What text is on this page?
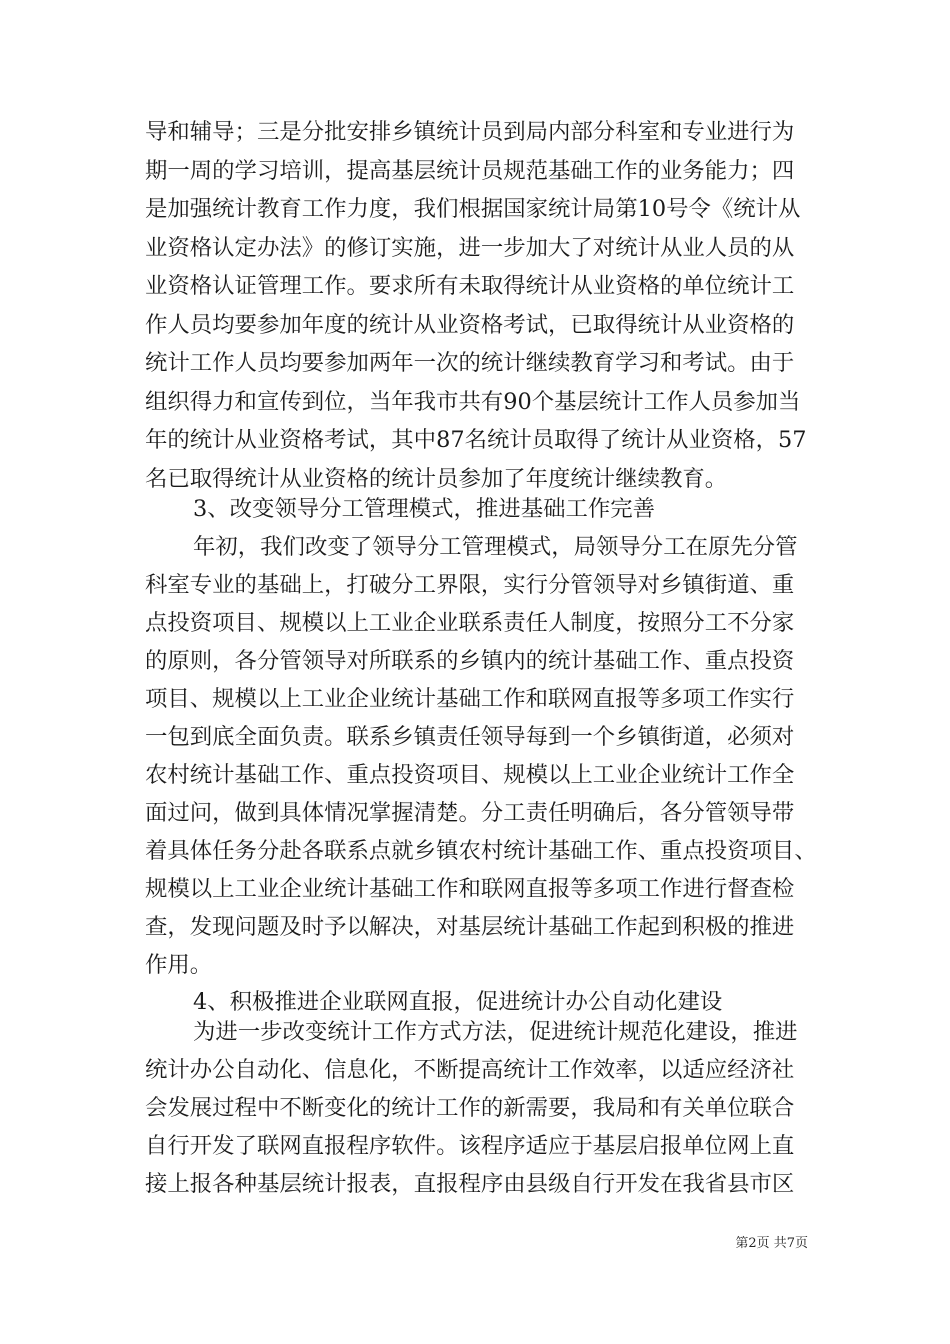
导和辅导；三是分批安排乡镇统计员到局内部分科室和专业进行为
期一周的学习培训，提高基层统计员规范基础工作的业务能力；四
是加强统计教育工作力度，我们根据国家统计局第10号令《统计从
业资格认定办法》的修订实施，进一步加大了对统计从业人员的从
业资格认证管理工作。要求所有未取得统计从业资格的单位统计工
作人员均要参加年度的统计从业资格考试，已取得统计从业资格的
统计工作人员均要参加两年一次的统计继续教育学习和考试。由于
组织得力和宣传到位，当年我市共有90个基层统计工作人员参加当
年的统计从业资格考试，其中87名统计员取得了统计从业资格，57
名已取得统计从业资格的统计员参加了年度统计继续教育。
3、改变领导分工管理模式，推进基础工作完善
年初，我们改变了领导分工管理模式，局领导分工在原先分管
科室专业的基础上，打破分工界限，实行分管领导对乡镇街道、重
点投资项目、规模以上工业企业联系责任人制度，按照分工不分家
的原则，各分管领导对所联系的乡镇内的统计基础工作、重点投资
项目、规模以上工业企业统计基础工作和联网直报等多项工作实行
一包到底全面负责。联系乡镇责任领导每到一个乡镇街道，必须对
农村统计基础工作、重点投资项目、规模以上工业企业统计工作全
面过问，做到具体情况掌握清楚。分工责任明确后，各分管领导带
着具体任务分赴各联系点就乡镇农村统计基础工作、重点投资项目、
规模以上工业企业统计基础工作和联网直报等多项工作进行督查检
查，发现问题及时予以解决，对基层统计基础工作起到积极的推进
作用。
4、积极推进企业联网直报，促进统计办公自动化建设
为进一步改变统计工作方式方法，促进统计规范化建设，推进
统计办公自动化、信息化，不断提高统计工作效率，以适应经济社
会发展过程中不断变化的统计工作的新需要，我局和有关单位联合
自行开发了联网直报程序软件。该程序适应于基层启报单位网上直
接上报各种基层统计报表，直报程序由县级自行开发在我省县市区
第2页 共7页
